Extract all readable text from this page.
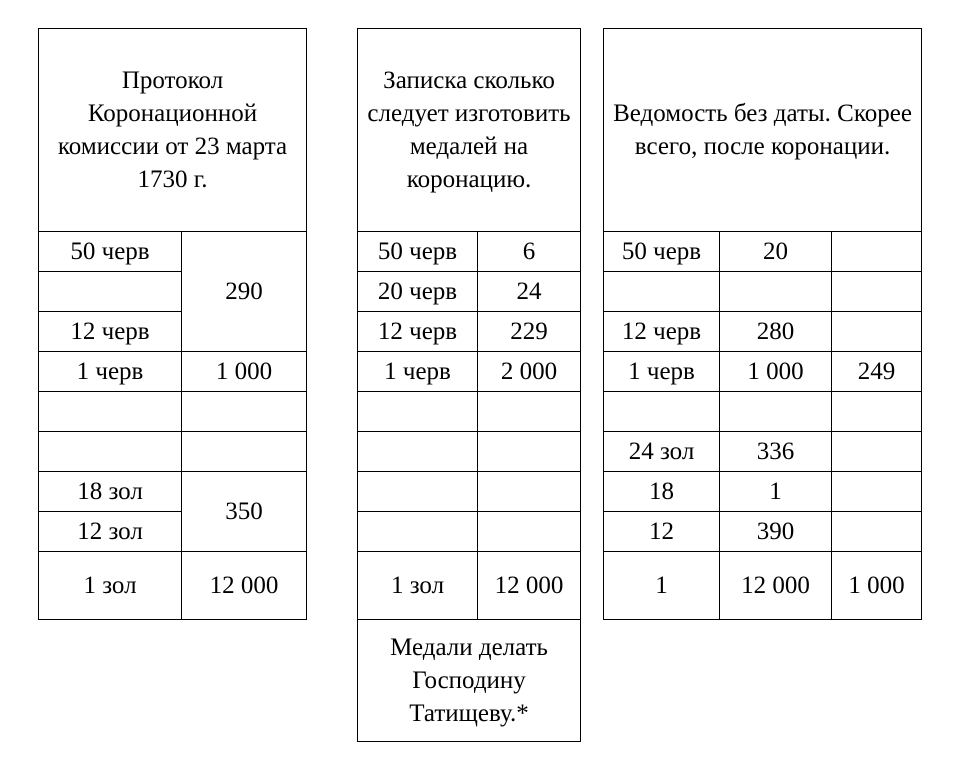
Протокол Коронационной комиссии от 23 марта 1730 г.	
50 черв	290

12 черв	
1 черв	1 000

18 зол	350
12 зол	
1 зол	12 000
Записка сколько следует изготовить медалей на коронацию.	
50 черв	6
20 черв	24
12 черв	229
1 черв	2 000

1 зол	12 000
Медали делать Господину Татищеву.*	
Ведомость без даты. Скорее всего, после коронации.		
50 черв	20	

12 черв	280	
1 черв	1 000	249

24 зол	336	
18	1	
12	390	
1	12 000	1 000
